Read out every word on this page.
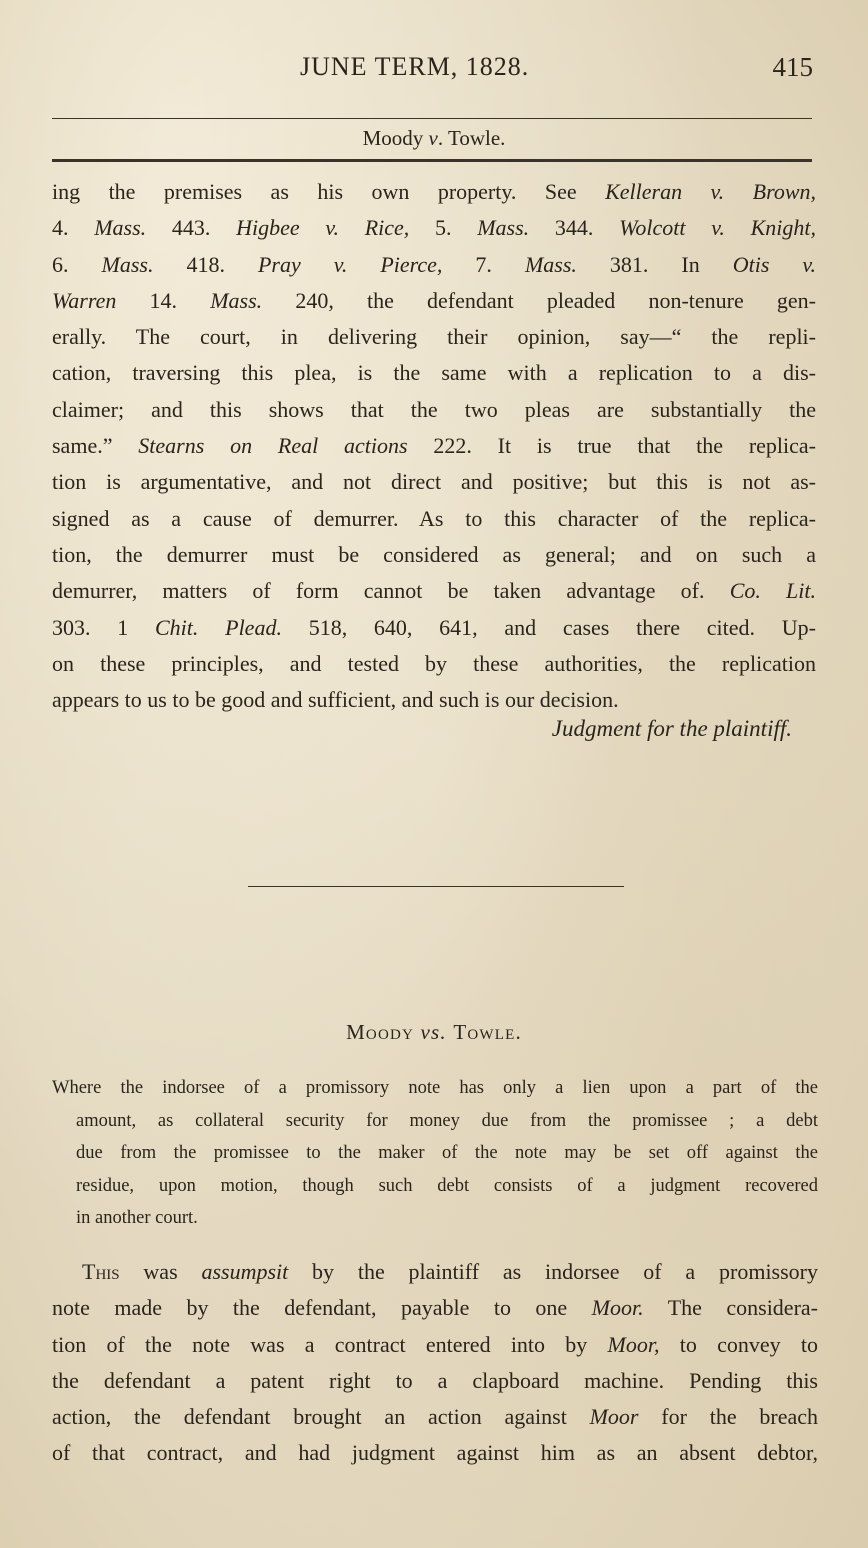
JUNE TERM, 1828.	415
Moody v. Towle.
ing the premises as his own property. See Kelleran v. Brown,
4. Mass. 443. Higbee v. Rice, 5. Mass. 344. Wolcott v. Knight,
6. Mass. 418. Pray v. Pierce, 7. Mass. 381. In Otis v.
Warren 14. Mass. 240, the defendant pleaded non-tenure gen-
erally. The court, in delivering their opinion, say—“ the repli-
cation, traversing this plea, is the same with a replication to a dis-
claimer; and this shows that the two pleas are substantially the
same.” Stearns on Real actions 222. It is true that the replica-
tion is argumentative, and not direct and positive; but this is not as-
signed as a cause of demurrer. As to this character of the replica-
tion, the demurrer must be considered as general; and on such a
demurrer, matters of form cannot be taken advantage of. Co. Lit.
303. 1 Chit. Plead. 518, 640, 641, and cases there cited. Up-
on these principles, and tested by these authorities, the replication
appears to us to be good and sufficient, and such is our decision.
Judgment for the plaintiff.
Moody vs. Towle.
Where the indorsee of a promissory note has only a lien upon a part of the
amount, as collateral security for money due from the promissee ; a debt
due from the promissee to the maker of the note may be set off against the
residue, upon motion, though such debt consists of a judgment recovered
in another court.
This was assumpsit by the plaintiff as indorsee of a promissory
note made by the defendant, payable to one Moor. The considera-
tion of the note was a contract entered into by Moor, to convey to
the defendant a patent right to a clapboard machine. Pending this
action, the defendant brought an action against Moor for the breach
of that contract, and had judgment against him as an absent debtor,
